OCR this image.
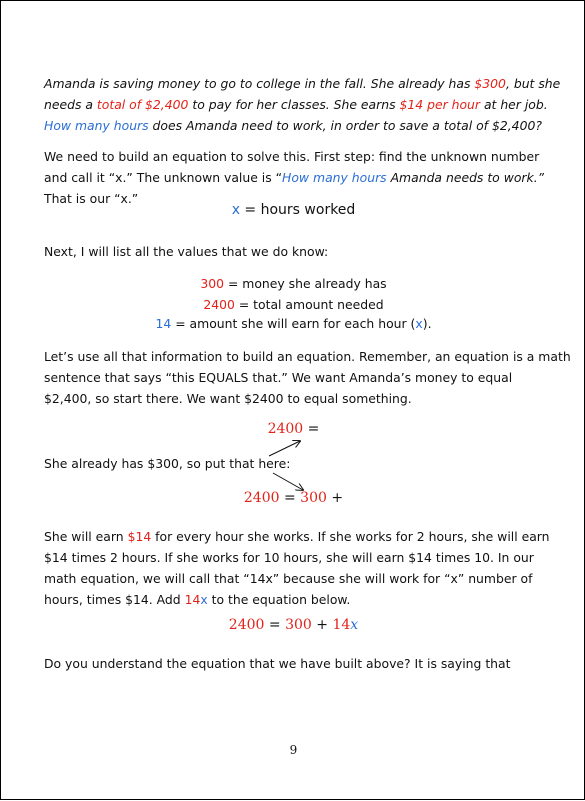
Amanda is saving money to go to college in the fall. She already has $300, but she
needs a total of $2,400 to pay for her classes. She earns $14 per hour at her job.
How many hours does Amanda need to work, in order to save a total of $2,400?
We need to build an equation to solve this. First step: find the unknown number
and call it “x.” The unknown value is “How many hours Amanda needs to work.”
That is our “x.”
x = hours worked
Next, I will list all the values that we do know:
300 = money she already has
2400 = total amount needed
14 = amount she will earn for each hour (x).
Let’s use all that information to build an equation. Remember, an equation is a math
sentence that says “this EQUALS that.” We want Amanda’s money to equal
$2,400, so start there. We want $2400 to equal something.
2400 =
She already has $300, so put that here:
2400 = 300 +
She will earn $14 for every hour she works. If she works for 2 hours, she will earn
$14 times 2 hours. If she works for 10 hours, she will earn $14 times 10. In our
math equation, we will call that “14x” because she will work for “x” number of
hours, times $14. Add 14x to the equation below.
2400 = 300 + 14x
Do you understand the equation that we have built above? It is saying that
9
